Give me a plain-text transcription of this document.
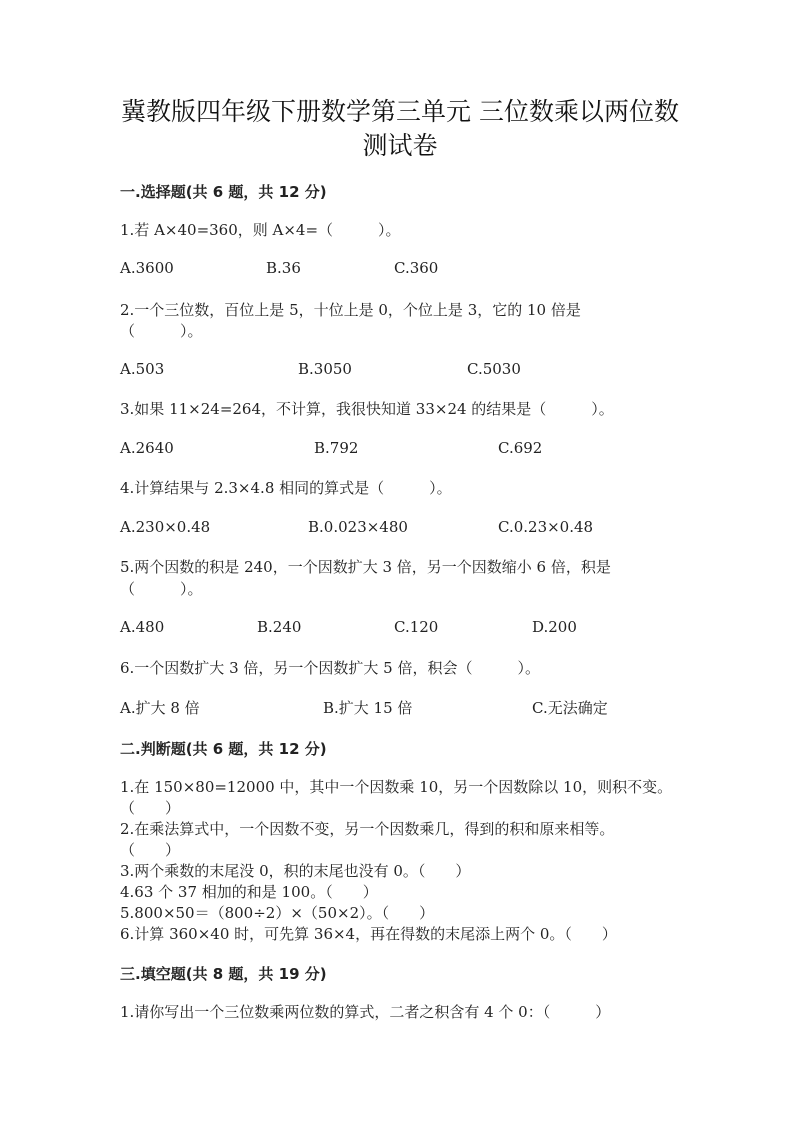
冀教版四年级下册数学第三单元 三位数乘以两位数
测试卷
一.选择题(共 6 题，共 12 分)
1.若 A×40=360，则 A×4=（　　　）。
A.3600	B.36	C.360
2.一个三位数，百位上是 5，十位上是 0，个位上是 3，它的 10 倍是
（　　　）。
A.503	B.3050	C.5030
3.如果 11×24=264，不计算，我很快知道 33×24 的结果是（　　　）。
A.2640	B.792	C.692
4.计算结果与 2.3×4.8 相同的算式是（　　　）。
A.230×0.48	B.0.023×480	C.0.23×0.48
5.两个因数的积是 240，一个因数扩大 3 倍，另一个因数缩小 6 倍，积是
（　　　）。
A.480	B.240	C.120	D.200
6.一个因数扩大 3 倍，另一个因数扩大 5 倍，积会（　　　）。
A.扩大 8 倍	B.扩大 15 倍	C.无法确定
二.判断题(共 6 题，共 12 分)
1.在 150×80=12000 中，其中一个因数乘 10，另一个因数除以 10，则积不变。
（　　）
2.在乘法算式中，一个因数不变，另一个因数乘几，得到的积和原来相等。
（　　）
3.两个乘数的末尾没 0，积的末尾也没有 0。（　　）
4.63 个 37 相加的和是 100。（　　）
5.800×50＝（800÷2）×（50×2）。（　　）
6.计算 360×40 时，可先算 36×4，再在得数的末尾添上两个 0。（　　）
三.填空题(共 8 题，共 19 分)
1.请你写出一个三位数乘两位数的算式，二者之积含有 4 个 0：（　　　）
